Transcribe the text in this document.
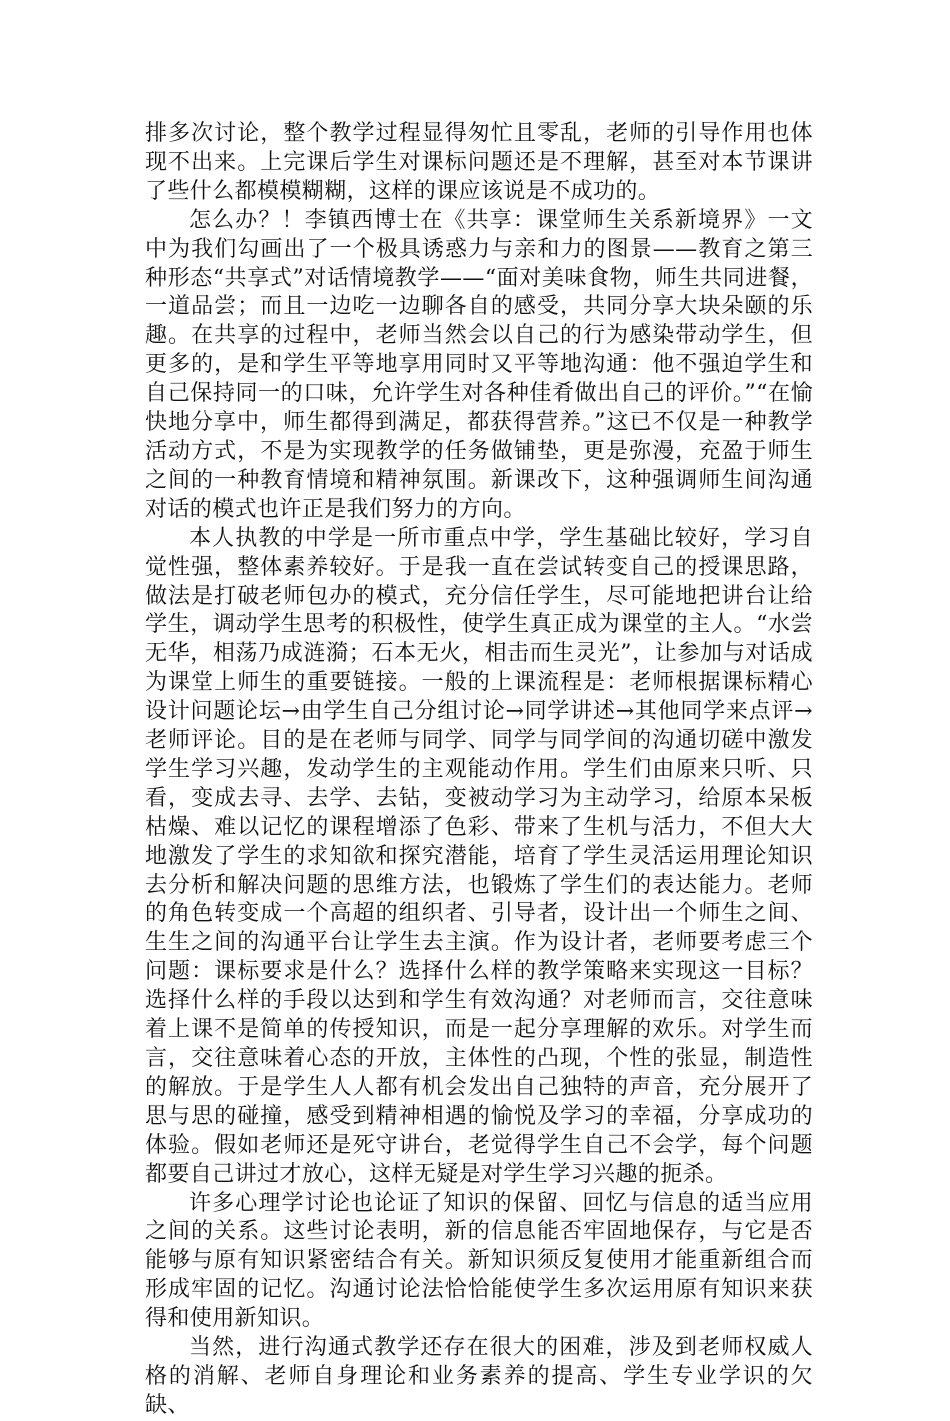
排多次讨论，整个教学过程显得匆忙且零乱，老师的引导作用也体现不出来。上完课后学生对课标问题还是不理解，甚至对本节课讲了些什么都模模糊糊，这样的课应该说是不成功的。

怎么办？！李镇西博士在《共享：课堂师生关系新境界》一文中为我们勾画出了一个极具诱惑力与亲和力的图景——教育之第三种形态“共享式”对话情境教学——“面对美味食物，师生共同进餐，一道品尝；而且一边吃一边聊各自的感受，共同分享大块朵颐的乐趣。在共享的过程中，老师当然会以自己的行为感染带动学生，但更多的，是和学生平等地享用同时又平等地沟通：他不强迫学生和自己保持同一的口味，允许学生对各种佳肴做出自己的评价。”“在愉快地分享中，师生都得到满足，都获得营养。”这已不仅是一种教学活动方式，不是为实现教学的任务做铺垫，更是弥漫，充盈于师生之间的一种教育情境和精神氛围。新课改下，这种强调师生间沟通对话的模式也许正是我们努力的方向。

本人执教的中学是一所市重点中学，学生基础比较好，学习自觉性强，整体素养较好。于是我一直在尝试转变自己的授课思路，做法是打破老师包办的模式，充分信任学生，尽可能地把讲台让给学生，调动学生思考的积极性，使学生真正成为课堂的主人。“水尝无华，相荡乃成涟漪；石本无火，相击而生灵光”，让参加与对话成为课堂上师生的重要链接。一般的上课流程是：老师根据课标精心设计问题论坛→由学生自己分组讨论→同学讲述→其他同学来点评→老师评论。目的是在老师与同学、同学与同学间的沟通切磋中激发学生学习兴趣，发动学生的主观能动作用。学生们由原来只听、只看，变成去寻、去学、去钻，变被动学习为主动学习，给原本呆板枯燥、难以记忆的课程增添了色彩、带来了生机与活力，不但大大地激发了学生的求知欲和探究潜能，培育了学生灵活运用理论知识去分析和解决问题的思维方法，也锻炼了学生们的表达能力。老师的角色转变成一个高超的组织者、引导者，设计出一个师生之间、生生之间的沟通平台让学生去主演。作为设计者，老师要考虑三个问题：课标要求是什么？选择什么样的教学策略来实现这一目标？选择什么样的手段以达到和学生有效沟通？对老师而言，交往意味着上课不是简单的传授知识，而是一起分享理解的欢乐。对学生而言，交往意味着心态的开放，主体性的凸现，个性的张显，制造性的解放。于是学生人人都有机会发出自己独特的声音，充分展开了思与思的碰撞，感受到精神相遇的愉悦及学习的幸福，分享成功的体验。假如老师还是死守讲台，老觉得学生自己不会学，每个问题都要自己讲过才放心，这样无疑是对学生学习兴趣的扼杀。

许多心理学讨论也论证了知识的保留、回忆与信息的适当应用之间的关系。这些讨论表明，新的信息能否牢固地保存，与它是否能够与原有知识紧密结合有关。新知识须反复使用才能重新组合而形成牢固的记忆。沟通讨论法恰恰能使学生多次运用原有知识来获得和使用新知识。

当然，进行沟通式教学还存在很大的困难，涉及到老师权威人格的消解、老师自身理论和业务素养的提高、学生专业学识的欠缺、
